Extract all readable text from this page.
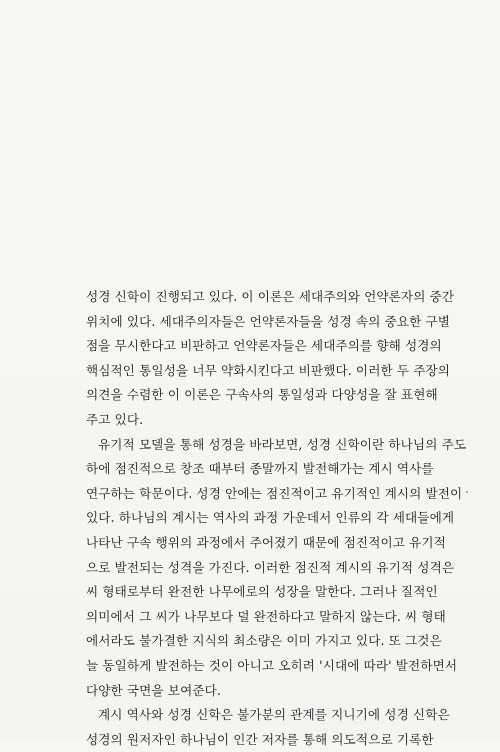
성경 신학이 진행되고 있다. 이 이론은 세대주의와 언약론자의 중간
위치에 있다. 세대주의자들은 언약론자들을 성경 속의 중요한 구별
점을 무시한다고 비판하고 언약론자들은 세대주의를 향해 성경의
핵심적인 통일성을 너무 약화시킨다고 비판했다. 이러한 두 주장의
의견을 수렴한 이 이론은 구속사의 통일성과 다양성을 잘 표현해
주고 있다.
유기적 모델을 통해 성경을 바라보면, 성경 신학이란 하나님의 주도
하에 점진적으로 창조 때부터 종말까지 발전해가는 계시 역사를
연구하는 학문이다. 성경 안에는 점진적이고 유기적인 계시의 발전이
있다. 하나님의 계시는 역사의 과정 가운데서 인류의 각 세대들에게
나타난 구속 행위의 과정에서 주어졌기 때문에 점진적이고 유기적
으로 발전되는 성격을 가진다. 이러한 점진적 계시의 유기적 성격은
씨 형태로부터 완전한 나무에로의 성장을 말한다. 그러나 질적인
의미에서 그 씨가 나무보다 덜 완전하다고 말하지 않는다. 씨 형태
에서라도 불가결한 지식의 최소량은 이미 가지고 있다. 또 그것은
늘 동일하게 발전하는 것이 아니고 오히려 '시대에 따라' 발전하면서
다양한 국면을 보여준다.
계시 역사와 성경 신학은 불가분의 관계를 지니기에 성경 신학은
성경의 원저자인 하나님이 인간 저자를 통해 의도적으로 기록한
